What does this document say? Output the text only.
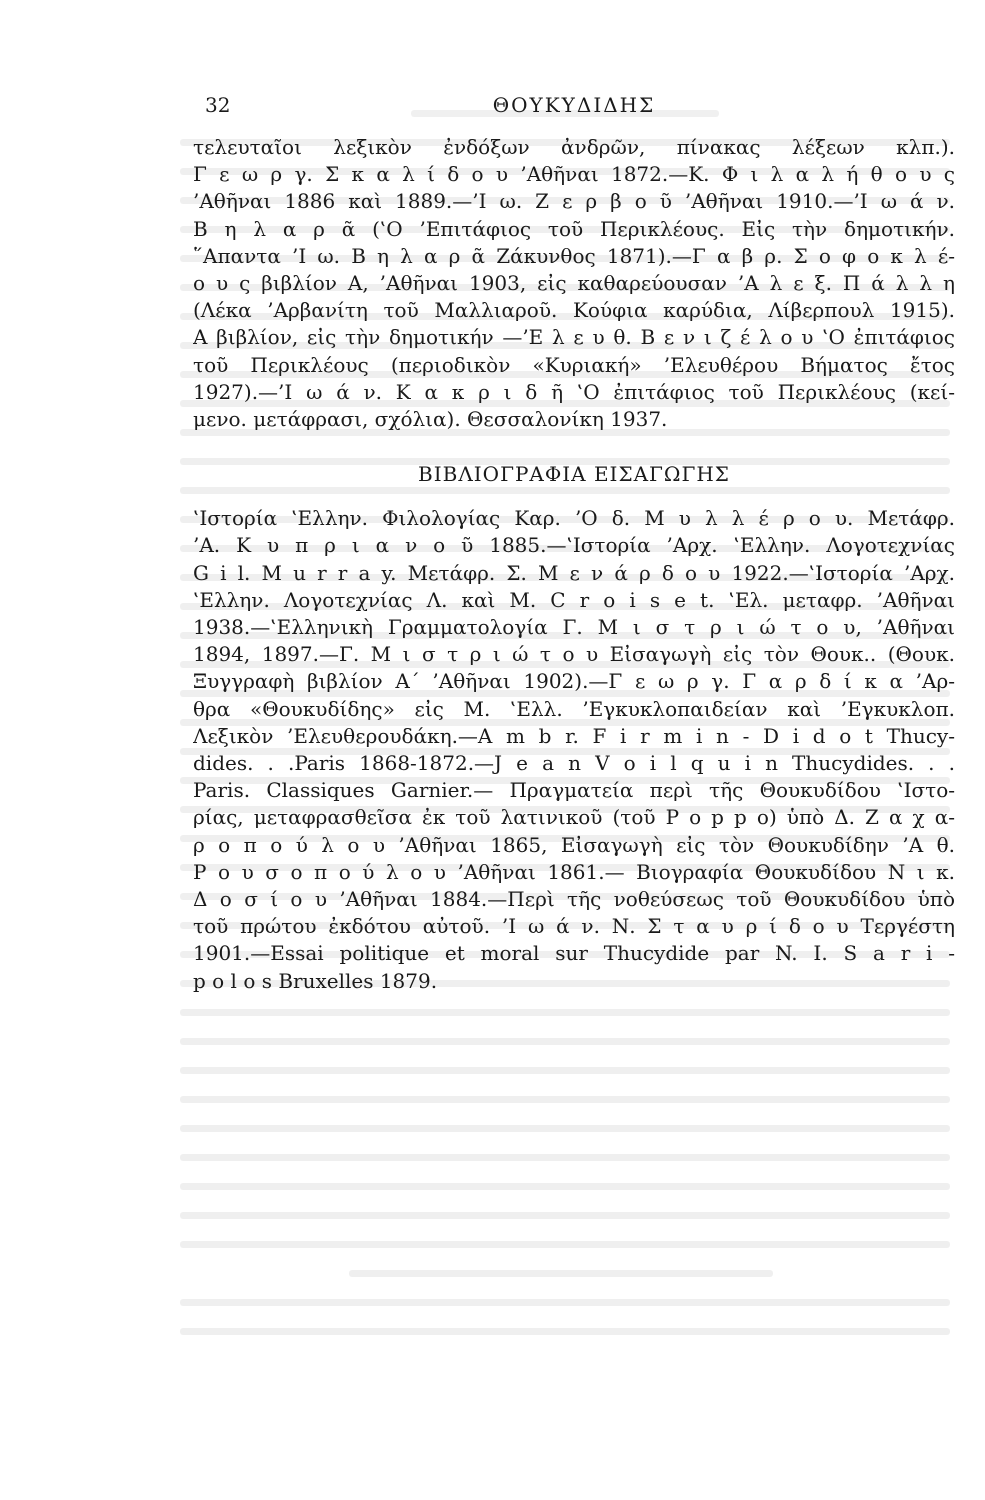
32	ΘΟΥΚΥΔΙΔΗΣ
τελευταῖοι λεξικὸν ἐνδόξων ἀνδρῶν, πίνακας λέξεων κλπ.).
Γ ε ω ρ γ. Σ κ α λ ί δ ο υ ’Αθῆναι 1872.—Κ. Φ ι λ α λ ή θ ο υ ς
’Αθῆναι 1886 καὶ 1889.—’Ι ω. Ζ ε ρ β ο ῦ ’Αθῆναι 1910.—’Ι ω ά ν.
Β η λ α ρ ᾶ (‛Ο ’Επιτάφιος τοῦ Περικλέους. Εἰς τὴν δημοτικήν.
῞Απαντα ’Ι ω. Β η λ α ρ ᾶ Ζάκυνθος 1871).—Γ α β ρ. Σ ο φ ο κ λ έ-
ο υ ς βιβλίον Α, ’Αθῆναι 1903, εἰς καθαρεύουσαν ’Α λ ε ξ. Π ά λ λ η
(Λέκα ’Αρβανίτη τοῦ Μαλλιαροῦ. Κούφια καρύδια, Λίβερπουλ 1915).
Α βιβλίον, εἰς τὴν δημοτικήν —’Ε λ ε υ θ. Β ε ν ι ζ έ λ ο υ ‛Ο ἐπιτάφιος
τοῦ Περικλέους (περιοδικὸν «Κυριακή» ’Ελευθέρου Βήματος ἔτος
1927).—’Ι ω ά ν. Κ α κ ρ ι δ ῆ ‛Ο ἐπιτάφιος τοῦ Περικλέους (κεί-
μενο. μετάφρασι, σχόλια). Θεσσαλονίκη 1937.
ΒΙΒΛΙΟΓΡΑΦΙΑ ΕΙΣΑΓΩΓΗΣ
‛Ιστορία ‛Ελλην. Φιλολογίας Καρ. ’Ο δ. Μ υ λ λ έ ρ ο υ. Μετάφρ.
’Α. Κ υ π ρ ι α ν ο ῦ 1885.—‛Ιστορία ’Αρχ. ‛Ελλην. Λογοτεχνίας
G i l. M u r r a y. Μετάφρ. Σ. Μ ε ν ά ρ δ ο υ 1922.—‛Ιστορία ’Αρχ.
‛Ελλην. Λογοτεχνίας Λ. καὶ Μ. C r o i s e t. ‛Ελ. μεταφρ. ’Αθῆναι
1938.—‛Ελληνικὴ Γραμματολογία Γ. Μ ι σ τ ρ ι ώ τ ο υ, ’Αθῆναι
1894, 1897.—Γ. Μ ι σ τ ρ ι ώ τ ο υ Εἰσαγωγὴ εἰς τὸν Θουκ.. (Θουκ.
Ξυγγραφὴ βιβλίον Α΄ ’Αθῆναι 1902).—Γ ε ω ρ γ. Γ α ρ δ ί κ α ’Αρ-
θρα «Θουκυδίδης» εἰς Μ. ‛Ελλ. ’Εγκυκλοπαιδείαν καὶ ’Εγκυκλοπ.
Λεξικὸν ’Ελευθερουδάκη.—A m b r. F i r m i n - D i d o t Thucy-
dides. . .Paris 1868-1872.—J e a n V o i l q u i n Thucydides. . .
Paris. Classiques Garnier.— Πραγματεία περὶ τῆς Θουκυδίδου ‛Ιστο-
ρίας, μεταφρασθεῖσα ἐκ τοῦ λατινικοῦ (τοῦ P o p p o) ὑπὸ Δ. Ζ α χ α-
ρ ο π ο ύ λ ο υ ’Αθῆναι 1865, Εἰσαγωγὴ εἰς τὸν Θουκυδίδην ’Α θ.
Ρ ο υ σ ο π ο ύ λ ο υ ’Αθῆναι 1861.— Βιογραφία Θουκυδίδου Ν ι κ.
Δ ο σ ί ο υ ’Αθῆναι 1884.—Περὶ τῆς νοθεύσεως τοῦ Θουκυδίδου ὑπὸ
τοῦ πρώτου ἐκδότου αὐτοῦ. ’Ι ω ά ν. Ν. Σ τ α υ ρ ί δ ο υ Τεργέστη
1901.—Essai politique et moral sur Thucydide par N. I. S a r i -
p o l o s Bruxelles 1879.
